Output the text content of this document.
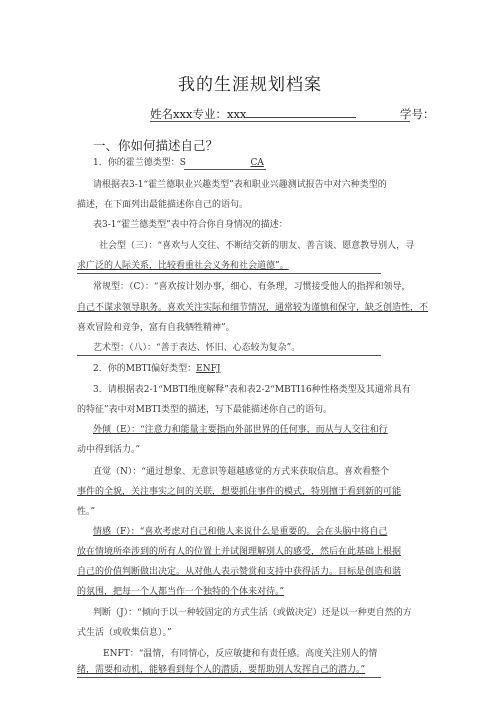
我的生涯规划档案
姓名xxx专业：xxx	学号：
一、你如何描述自己？
1．你的霍兰德类型：S	CA
请根据表3-1“霍兰德职业兴趣类型”表和职业兴趣测试报告中对六种类型的
描述，在下面列出最能描述你自己的语句。
表3-1“霍兰德类型”表中符合你自身情况的描述：
社会型（三）：“喜欢与人交往、不断结交新的朋友、善言谈、愿意教导别人，寻
求广泛的人际关系，比较看重社会义务和社会道德”。
常规型：（C）：“喜欢按计划办事，细心、有条理，习惯接受他人的指挥和领导，
自己不谋求领导职务。喜欢关注实际和细节情况，通常较为谨慎和保守，缺乏创造性，不
喜欢冒险和竞争，富有自我牺牲精神”。
艺术型：（八）：“善于表达、怀旧、心态较为复杂”。
2．你的MBTI偏好类型：ENFJ
3．请根据表2-1“MBTI维度解释”表和表2-2“MBTI16种性格类型及其通常具有
的特征”表中对MBTI类型的描述，写下最能描述你自己的语句。
外倾（E）：“注意力和能量主要指向外部世界的任何事，而从与人交往和行
动中得到活力。”
直觉（N）：“通过想象、无意识等超越感觉的方式来获取信息。喜欢看整个
事件的全貌，关注事实之间的关联，想要抓住事件的模式，特别擅于看到新的可能
性。”
情感（F）：“喜欢考虑对自己和他人来说什么是重要的。会在头脑中将自己
放在情境所牵涉到的所有人的位置上并试图理解别人的感受，然后在此基础上根据
自己的价值判断做出决定。从对他人表示赞赏和支持中获得活力。目标是创造和谐
的氛围，把每一个人都当作一个独特的个体来对待。”
判断（J）：“倾向于以一种较固定的方式生活（或做决定）还是以一种更自然的方
式生活（或收集信息）。”
ENFT：“温情，有同情心，反应敏捷和有责任感。高度关注别人的情
绪，需要和动机，能够看到每个人的潜质，要帮助别人发挥自己的潜力。”
